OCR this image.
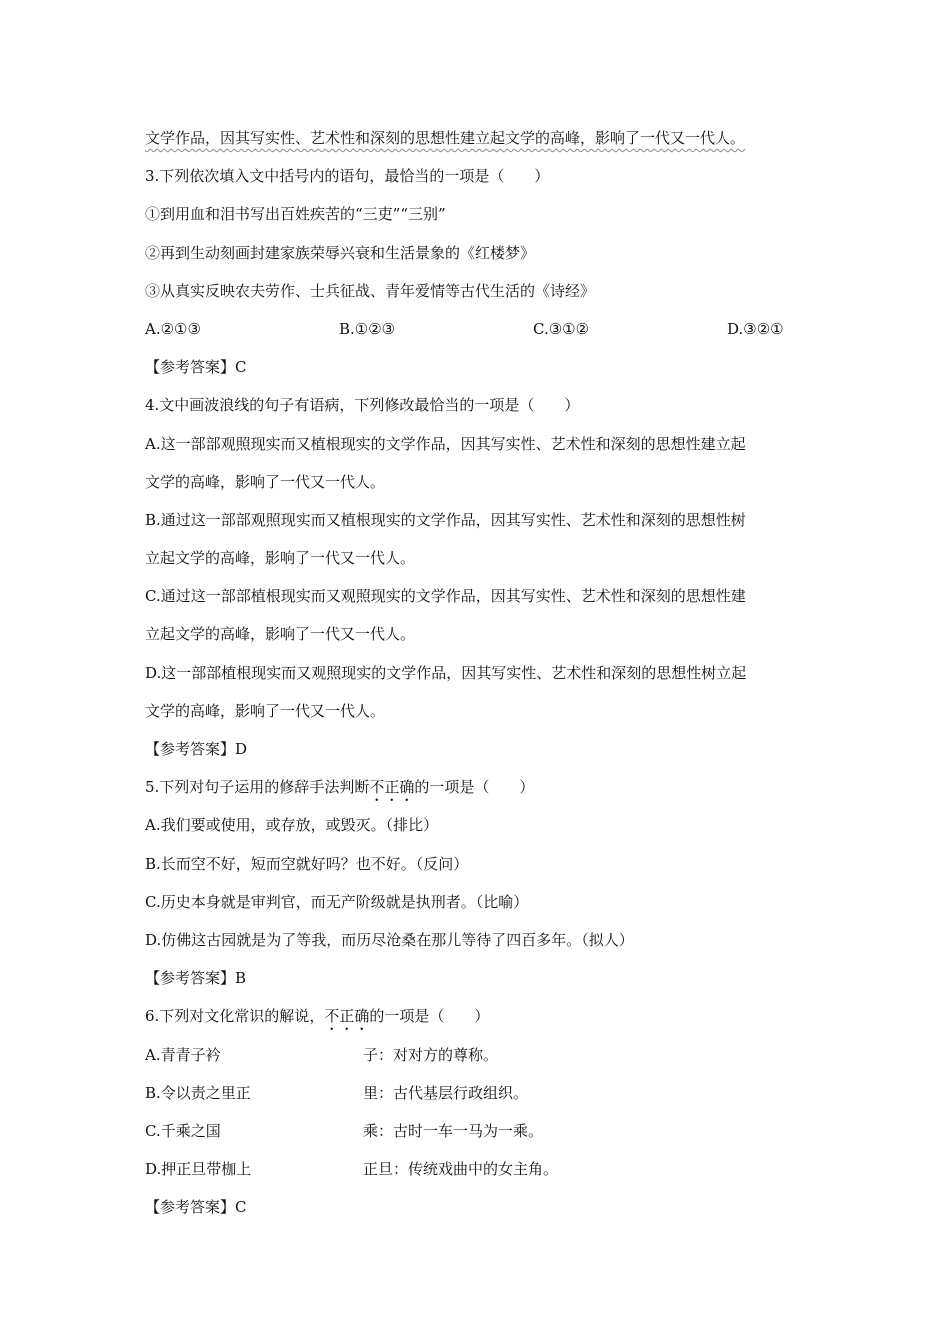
文学作品，因其写实性、艺术性和深刻的思想性建立起文学的高峰，影响了一代又一代人。
3.下列依次填入文中括号内的语句，最恰当的一项是（　　）
①到用血和泪书写出百姓疾苦的“三吏”“三别”
②再到生动刻画封建家族荣辱兴衰和生活景象的《红楼梦》
③从真实反映农夫劳作、士兵征战、青年爱情等古代生活的《诗经》
A.②①③	B.①②③	C.③①②	D.③②①
【参考答案】C
4.文中画波浪线的句子有语病，下列修改最恰当的一项是（　　）
A.这一部部观照现实而又植根现实的文学作品，因其写实性、艺术性和深刻的思想性建立起
文学的高峰，影响了一代又一代人。
B.通过这一部部观照现实而又植根现实的文学作品，因其写实性、艺术性和深刻的思想性树
立起文学的高峰，影响了一代又一代人。
C.通过这一部部植根现实而又观照现实的文学作品，因其写实性、艺术性和深刻的思想性建
立起文学的高峰，影响了一代又一代人。
D.这一部部植根现实而又观照现实的文学作品，因其写实性、艺术性和深刻的思想性树立起
文学的高峰，影响了一代又一代人。
【参考答案】D
5.下列对句子运用的修辞手法判断不正确的一项是（　　）
A.我们要或使用，或存放，或毁灭。（排比）
B.长而空不好，短而空就好吗？也不好。（反问）
C.历史本身就是审判官，而无产阶级就是执刑者。（比喻）
D.仿佛这古园就是为了等我，而历尽沧桑在那儿等待了四百多年。（拟人）
【参考答案】B
6.下列对文化常识的解说，不正确的一项是（　　）
A.青青子衿	子：对对方的尊称。
B.令以责之里正	里：古代基层行政组织。
C.千乘之国	乘：古时一车一马为一乘。
D.押正旦带枷上	正旦：传统戏曲中的女主角。
【参考答案】C
